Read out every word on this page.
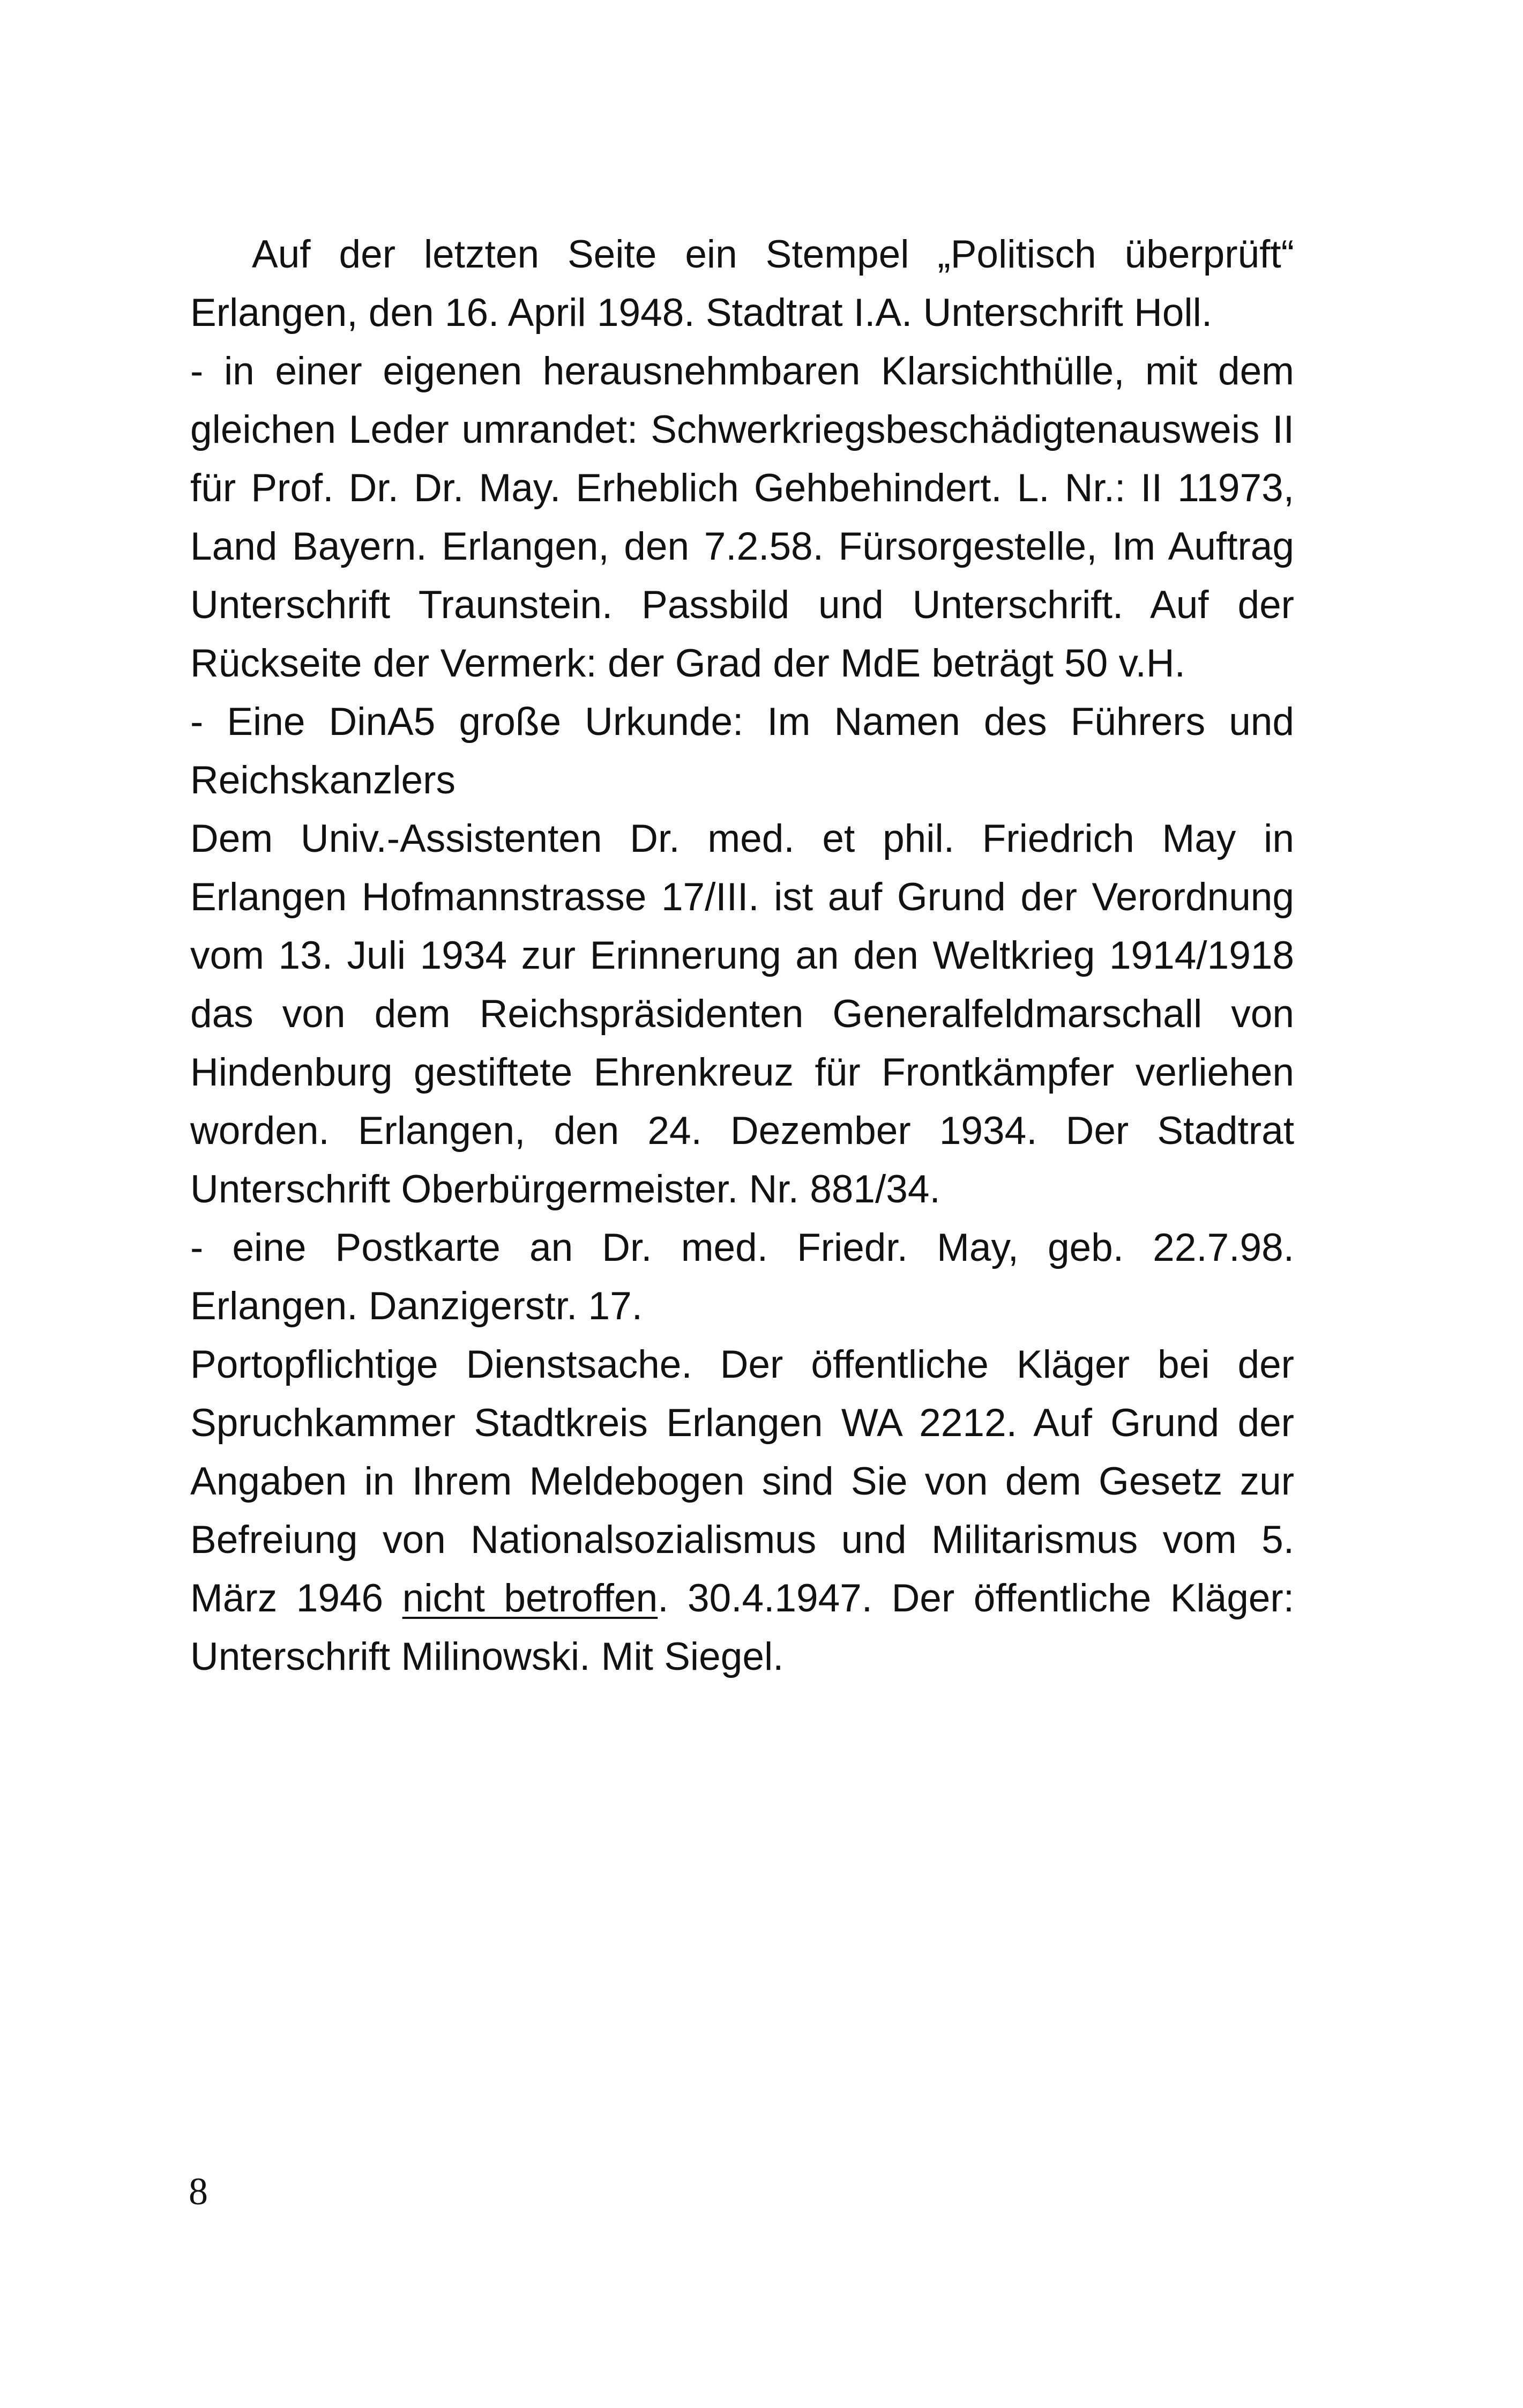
Auf der letzten Seite ein Stempel „Politisch überprüft“ Erlangen, den 16. April 1948. Stadtrat I.A. Unterschrift Holl.

- in einer eigenen herausnehmbaren Klarsichthülle, mit dem gleichen Leder umrandet: Schwerkriegsbeschädigtenausweis II für Prof. Dr. Dr. May. Erheblich Gehbehindert. L. Nr.: II 11973, Land Bayern. Erlangen, den 7.2.58. Fürsorgestelle, Im Auftrag Unterschrift Traunstein. Passbild und Unterschrift. Auf der Rückseite der Vermerk: der Grad der MdE beträgt 50 v.H.

- Eine DinA5 große Urkunde: Im Namen des Führers und Reichskanzlers

Dem Univ.-Assistenten Dr. med. et phil. Friedrich May in Erlangen Hofmannstrasse 17/III. ist auf Grund der Verordnung vom 13. Juli 1934 zur Erinnerung an den Weltkrieg 1914/1918 das von dem Reichspräsidenten Generalfeldmarschall von Hindenburg gestiftete Ehrenkreuz für Frontkämpfer verliehen worden. Erlangen, den 24. Dezember 1934. Der Stadtrat Unterschrift Oberbürgermeister. Nr. 881/34.

- eine Postkarte an Dr. med. Friedr. May, geb. 22.7.98. Erlangen. Danzigerstr. 17.

Portopflichtige Dienstsache. Der öffentliche Kläger bei der Spruchkammer Stadtkreis Erlangen WA 2212. Auf Grund der Angaben in Ihrem Meldebogen sind Sie von dem Gesetz zur Befreiung von Nationalsozialismus und Militarismus vom 5. März 1946 nicht betroffen. 30.4.1947. Der öffentliche Kläger: Unterschrift Milinowski. Mit Siegel.

8
